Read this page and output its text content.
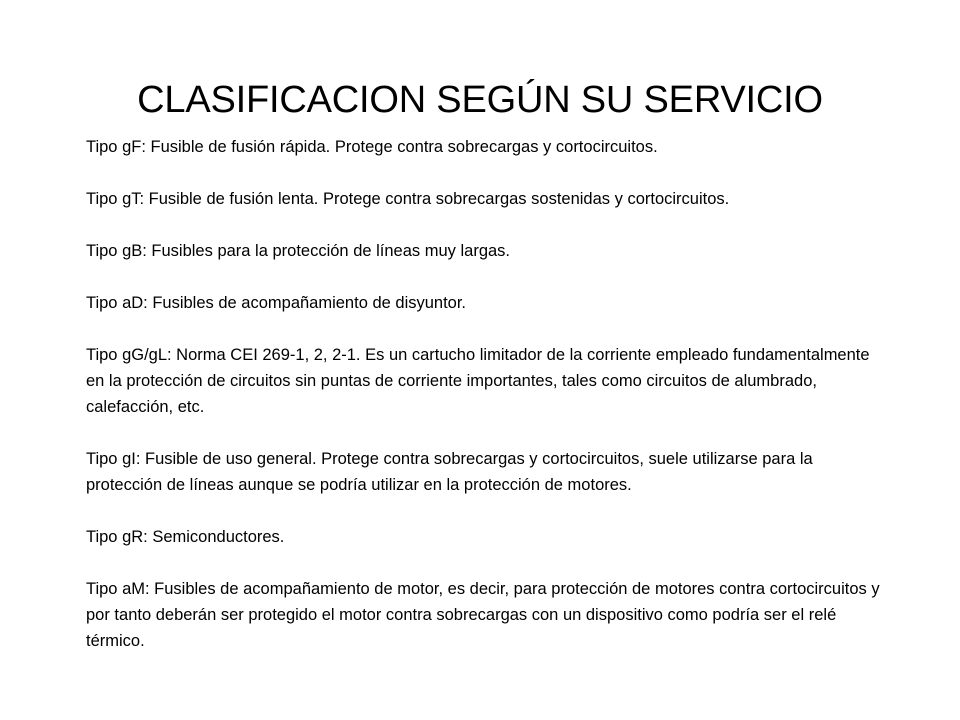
CLASIFICACION SEGÚN SU SERVICIO
Tipo gF: Fusible de fusión rápida. Protege contra sobrecargas y cortocircuitos.
Tipo gT: Fusible de fusión lenta. Protege contra sobrecargas sostenidas y cortocircuitos.
Tipo gB: Fusibles para la protección de líneas muy largas.
Tipo aD: Fusibles de acompañamiento de disyuntor.
Tipo gG/gL: Norma CEI 269-1, 2, 2-1. Es un cartucho limitador de la corriente empleado fundamentalmente en la protección de circuitos sin puntas de corriente importantes, tales como circuitos de alumbrado, calefacción, etc.
Tipo gI: Fusible de uso general. Protege contra sobrecargas y cortocircuitos, suele utilizarse para la protección de líneas aunque se podría utilizar en la protección de motores.
Tipo gR: Semiconductores.
Tipo aM: Fusibles de acompañamiento de motor, es decir, para protección de motores contra cortocircuitos y por tanto deberán ser protegido el motor contra sobrecargas con un dispositivo como podría ser el relé térmico.
